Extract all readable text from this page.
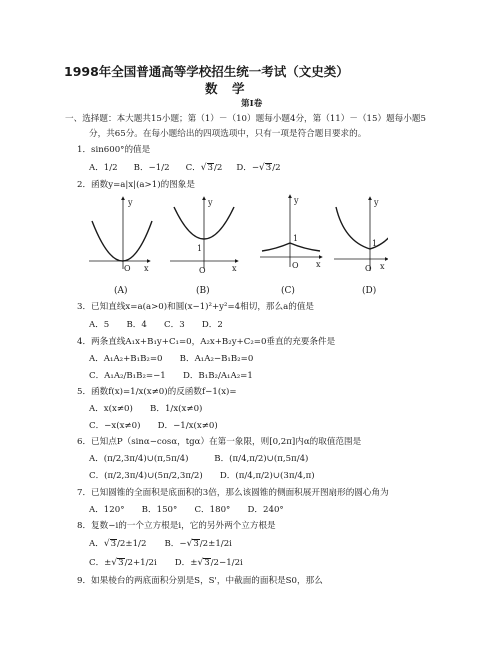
1998年全国普通高等学校招生统一考试（文史类）
数　学
第Ⅰ卷
一、选择题：本大题共15小题；第（1）－（10）题每小题4分，第（11）－（15）题每小题5
分，共65分。在每小题给出的四项选项中，只有一项是符合题目要求的。
1．sin600°的值是
A．1/2 B．−1/2 C．√3/2 D．−√3/2
2．函数y=a|x|(a>1)的图象是
y
x
O
(A)
y
x
1
O
(B)
y
x
1
O
(C)
y
x
1
O
(D)
3．已知直线x=a(a>0)和圆(x−1)²+y²=4相切，那么a的值是
A．5　　B．4　　C．3　　D．2
4．两条直线A₁x+B₁y+C₁=0，A₂x+B₂y+C₂=0垂直的充要条件是
A．A₁A₂+B₁B₂=0　　B．A₁A₂−B₁B₂=0
C．A₁A₂/B₁B₂=−1　　D．B₁B₂/A₁A₂=1
5．函数f(x)=1/x(x≠0)的反函数f−1(x)=
A．x(x≠0)　　B．1/x(x≠0)
C．−x(x≠0)　　D．−1/x(x≠0)
6．已知点P（sinα−cosα，tgα）在第一象限，则[0,2π]内α的取值范围是
A．(π/2,3π/4)∪(π,5π/4)　　　B．(π/4,π/2)∪(π,5π/4)
C．(π/2,3π/4)∪(5π/2,3π/2)　　D．(π/4,π/2)∪(3π/4,π)
7．已知圆锥的全面积是底面积的3倍，那么该圆锥的侧面积展开图扇形的圆心角为
A．120°　　B．150°　　C．180°　　D．240°
8．复数−i的一个立方根是i，它的另外两个立方根是
A．√3/2±1/2 B．−√3/2±1/2i
C．±√3/2+1/2i D．±√3/2−1/2i
9．如果棱台的两底面积分别是S，S'，中截面的面积是S0，那么
